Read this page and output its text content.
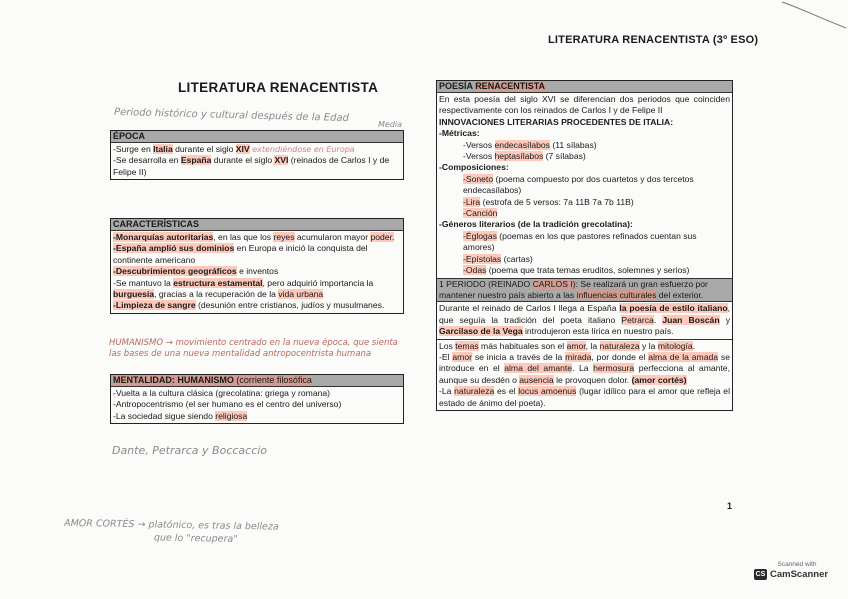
LITERATURA RENACENTISTA (3º ESO)
LITERATURA RENACENTISTA
Periodo histórico y cultural después de la Edad
Media
ÉPOCA
-Surge en Italia durante el siglo XIV extendiéndose en Europa
-Se desarrolla en España durante el siglo XVI (reinados de Carlos I y de Felipe II)
CARACTERÍSTICAS
-Monarquías autoritarias, en las que los reyes acumularon mayor poder.
-España amplió sus dominios en Europa e inició la conquista del continente americano
-Descubrimientos geográficos e inventos
-Se mantuvo la estructura estamental, pero adquirió importancia la burguesía, gracias a la recuperación de la vida urbana
-Limpieza de sangre (desunión entre cristianos, judíos y musulmanes.
HUMANISMO → movimiento centrado en la nueva época, que sienta las bases de una nueva mentalidad antropocentrista humana
MENTALIDAD: HUMANISMO (corriente filosófica
-Vuelta a la cultura clásica (grecolatina: griega y romana)
-Antropocentrismo (el ser humano es el centro del universo)
-La sociedad sigue siendo religiosa
Dante, Petrarca y Boccaccio
AMOR CORTÉS → platónico, es tras la belleza
que lo "recupera"
POESÍA RENACENTISTA
En esta poesía del siglo XVI se diferencian dos periodos que coinciden respectivamente con los reinados de Carlos I y de Felipe II
INNOVACIONES LITERARIAS PROCEDENTES DE ITALIA:
-Métricas:
-Versos endecasílabos (11 sílabas)
-Versos heptasílabos (7 sílabas)
-Composiciones:
-Soneto (poema compuesto por dos cuartetos y dos tercetos endecasílabos)
-Lira (estrofa de 5 versos: 7a 11B 7a 7b 11B)
-Canción
-Géneros literarios (de la tradición grecolatina):
-Églogas (poemas en los que pastores refinados cuentan sus amores)
-Epístolas (cartas)
-Odas (poema que trata temas eruditos, solemnes y serios)
1 PERIODO (REINADO CARLOS I): Se realizará un gran esfuerzo por mantener nuestro país abierto a las influencias culturales del exterior.
Durante el reinado de Carlos I llega a España la poesía de estilo italiano, que seguía la tradición del poeta italiano Petrarca. Juan Boscán y Garcilaso de la Vega introdujeron esta lírica en nuestro país.
Los temas más habituales son el amor, la naturaleza y la mitología.
-El amor se inicia a través de la mirada, por donde el alma de la amada se introduce en el alma del amante. La hermosura perfecciona al amante, aunque su desdén o ausencia le provoquen dolor. (amor cortés)
-La naturaleza es el locus amoenus (lugar idílico para el amor que refleja el estado de ánimo del poeta).
1
Scanned with
CS CamScanner
